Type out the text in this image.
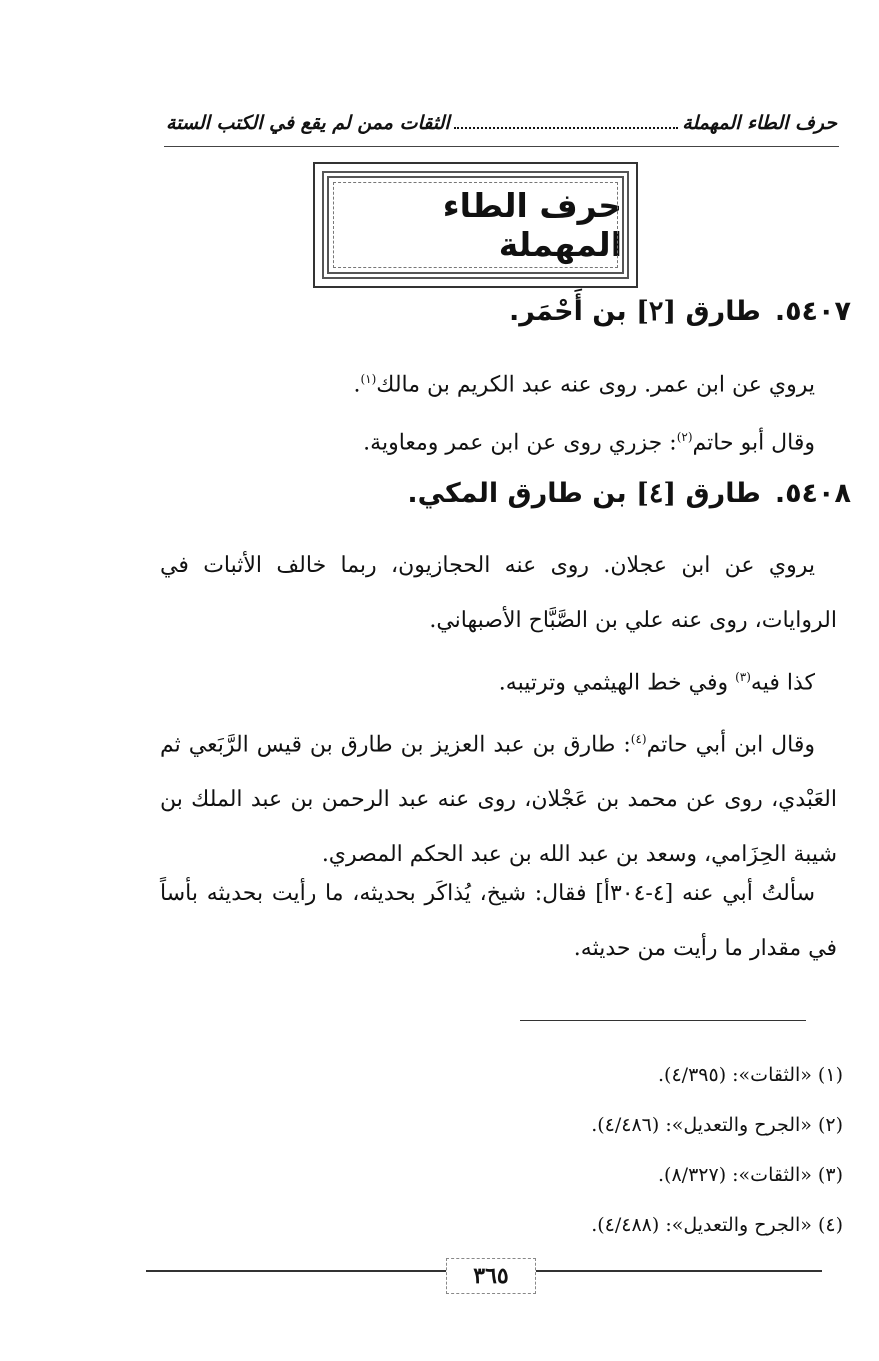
حرف الطاء المهملة
الثقات ممن لم يقع في الكتب الستة
حرف الطاء المهملة
٥٤٠٧.طارق [٢] بن أَحْمَر.
يروي عن ابن عمر. روى عنه عبد الكريم بن مالك$^{(١)}$.
وقال أبو حاتم$^{(٢)}$: جزري روى عن ابن عمر ومعاوية.
٥٤٠٨.طارق [٤] بن طارق المكي.
يروي عن ابن عجلان. روى عنه الحجازيون، ربما خالف الأثبات في الروايات، روى عنه علي بن الصَّبَّاح الأصبهاني.
كذا فيه$^{(٣)}$ وفي خط الهيثمي وترتيبه.
وقال ابن أبي حاتم$^{(٤)}$: طارق بن عبد العزيز بن طارق بن قيس الرَّبَعي ثم العَبْدي، روى عن محمد بن عَجْلان، روى عنه عبد الرحمن بن عبد الملك بن شيبة الحِزَامي، وسعد بن عبد الله بن عبد الحكم المصري.
سألتُ أبي عنه [٤-٣٠٤أ] فقال: شيخ، يُذاكَر بحديثه، ما رأيت بحديثه بأساً في مقدار ما رأيت من حديثه.
(١) «الثقات»: (٤/٣٩٥).
(٢) «الجرح والتعديل»: (٤/٤٨٦).
(٣) «الثقات»: (٨/٣٢٧).
(٤) «الجرح والتعديل»: (٤/٤٨٨).
٣٦٥
